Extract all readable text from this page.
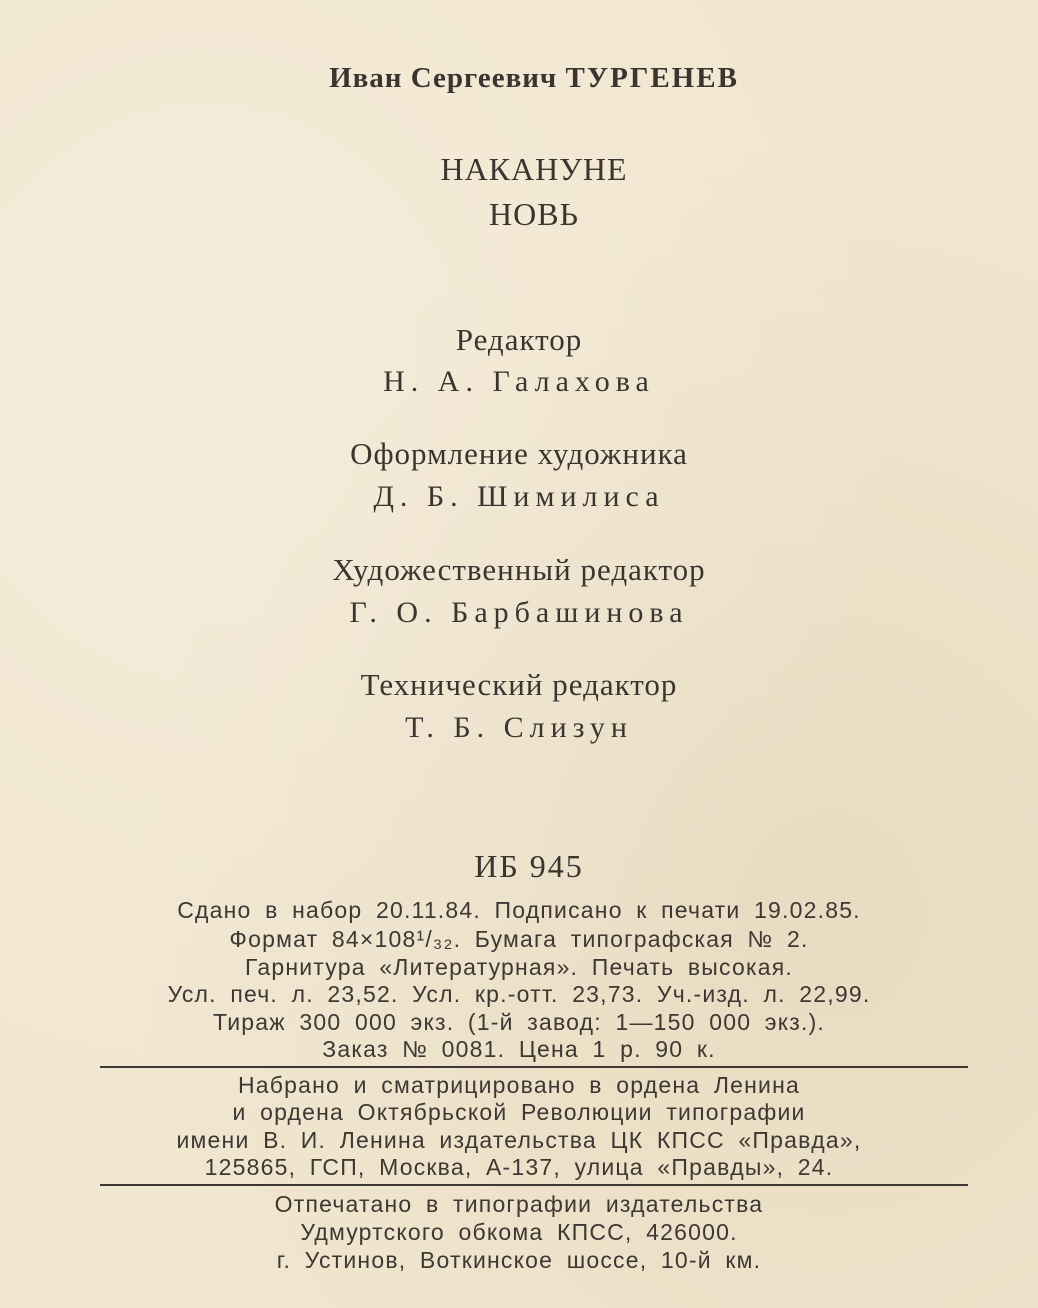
Иван Сергеевич ТУРГЕНЕВ
НАКАНУНЕ
НОВЬ
Редактор
Н. А. Галахова
Оформление художника
Д. Б. Шимилиса
Художественный редактор
Г. О. Барбашинова
Технический редактор
Т. Б. Слизун
ИБ 945
Сдано в набор 20.11.84. Подписано к печати 19.02.85.
Формат 84×108¹/₃₂. Бумага типографская № 2.
Гарнитура «Литературная». Печать высокая.
Усл. печ. л. 23,52. Усл. кр.-отт. 23,73. Уч.-изд. л. 22,99.
Тираж 300 000 экз. (1-й завод: 1—150 000 экз.).
Заказ № 0081. Цена 1 р. 90 к.
Набрано и сматрицировано в ордена Ленина
и ордена Октябрьской Революции типографии
имени В. И. Ленина издательства ЦК КПСС «Правда»,
125865, ГСП, Москва, А-137, улица «Правды», 24.
Отпечатано в типографии издательства
Удмуртского обкома КПСС, 426000.
г. Устинов, Воткинское шоссе, 10-й км.
